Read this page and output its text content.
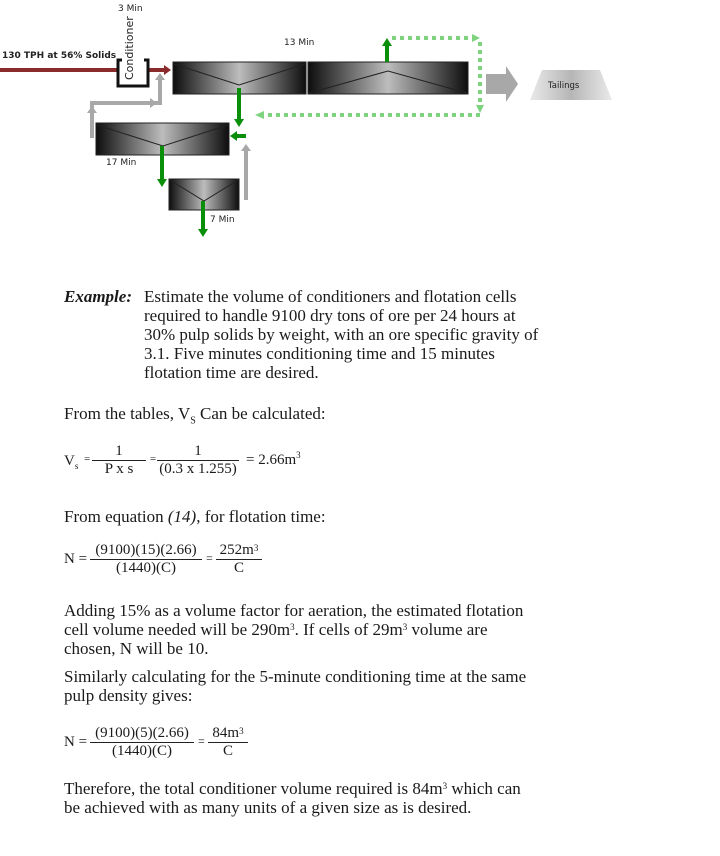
130 TPH at 56% Solids
3 Min
Conditioner	13 Min
17 Min
7 Min
Tailings
Example: Estimate the volume of conditioners and flotation cells
required to handle 9100 dry tons of ore per 24 hours at
30% pulp solids by weight, with an ore specific gravity of
3.1. Five minutes conditioning time and 15 minutes
flotation time are desired.
From the tables, $V_S$ Can be calculated:
$V_s$
= $\frac{1}{\text{P x s}} = \frac{1}{(0.3 x 1.255)} = 2.66m^3$
From equation (14), for flotation time:
$N = \frac{(9100)(15)(2.66)}{(1440)(C)} = \frac{252m^3}{C}$
Adding 15% as a volume factor for aeration, the estimated flotation
cell volume needed will be $290m^3$. If cells of $29m^3$ volume are
chosen, N will be 10.
Similarly calculating for the 5-minute conditioning time at the same
pulp density gives:
$N = \frac{(9100)(5)(2.66)}{(1440)(C)} = \frac{84m^3}{C}$
Therefore, the total conditioner volume required is $84m^3$ which can
be achieved with as many units of a given size as is desired.
